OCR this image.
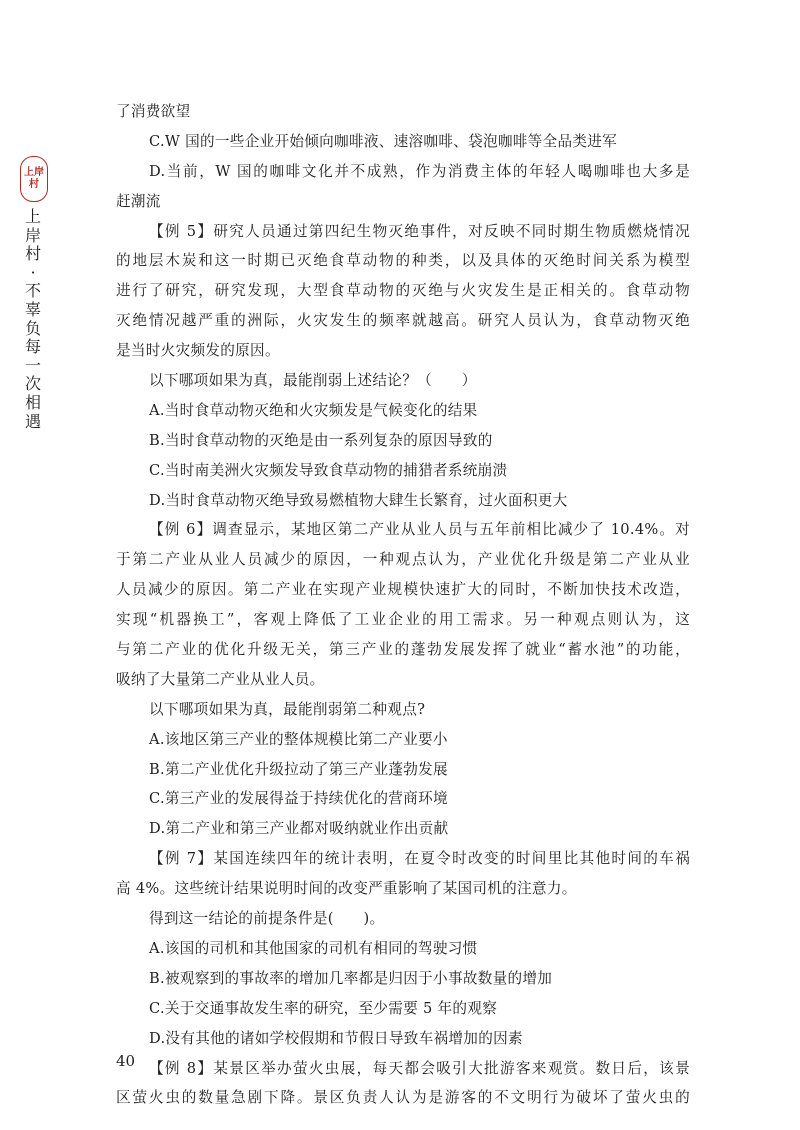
上岸
村
上
岸
村
·
不
辜
负
每
一
次
相
遇
了消费欲望
C.W 国的一些企业开始倾向咖啡液、速溶咖啡、袋泡咖啡等全品类进军
D.当前，W 国的咖啡文化并不成熟，作为消费主体的年轻人喝咖啡也大多是
赶潮流
【例 5】研究人员通过第四纪生物灭绝事件，对反映不同时期生物质燃烧情况
的地层木炭和这一时期已灭绝食草动物的种类，以及具体的灭绝时间关系为模型
进行了研究，研究发现，大型食草动物的灭绝与火灾发生是正相关的。食草动物
灭绝情况越严重的洲际，火灾发生的频率就越高。研究人员认为，食草动物灭绝
是当时火灾频发的原因。
以下哪项如果为真，最能削弱上述结论？（　　）
A.当时食草动物灭绝和火灾频发是气候变化的结果
B.当时食草动物的灭绝是由一系列复杂的原因导致的
C.当时南美洲火灾频发导致食草动物的捕猎者系统崩溃
D.当时食草动物灭绝导致易燃植物大肆生长繁育，过火面积更大
【例 6】调查显示，某地区第二产业从业人员与五年前相比减少了 10.4%。对
于第二产业从业人员减少的原因，一种观点认为，产业优化升级是第二产业从业
人员减少的原因。第二产业在实现产业规模快速扩大的同时，不断加快技术改造，
实现“机器换工”，客观上降低了工业企业的用工需求。另一种观点则认为，这
与第二产业的优化升级无关，第三产业的蓬勃发展发挥了就业“蓄水池”的功能，
吸纳了大量第二产业从业人员。
以下哪项如果为真，最能削弱第二种观点?
A.该地区第三产业的整体规模比第二产业要小
B.第二产业优化升级拉动了第三产业蓬勃发展
C.第三产业的发展得益于持续优化的营商环境
D.第二产业和第三产业都对吸纳就业作出贡献
【例 7】某国连续四年的统计表明，在夏令时改变的时间里比其他时间的车祸
高 4%。这些统计结果说明时间的改变严重影响了某国司机的注意力。
得到这一结论的前提条件是(　　)。
A.该国的司机和其他国家的司机有相同的驾驶习惯
B.被观察到的事故率的增加几率都是归因于小事故数量的增加
C.关于交通事故发生率的研究，至少需要 5 年的观察
D.没有其他的诸如学校假期和节假日导致车祸增加的因素
【例 8】某景区举办萤火虫展，每天都会吸引大批游客来观赏。数日后，该景
区萤火虫的数量急剧下降。景区负责人认为是游客的不文明行为破坏了萤火虫的
40
